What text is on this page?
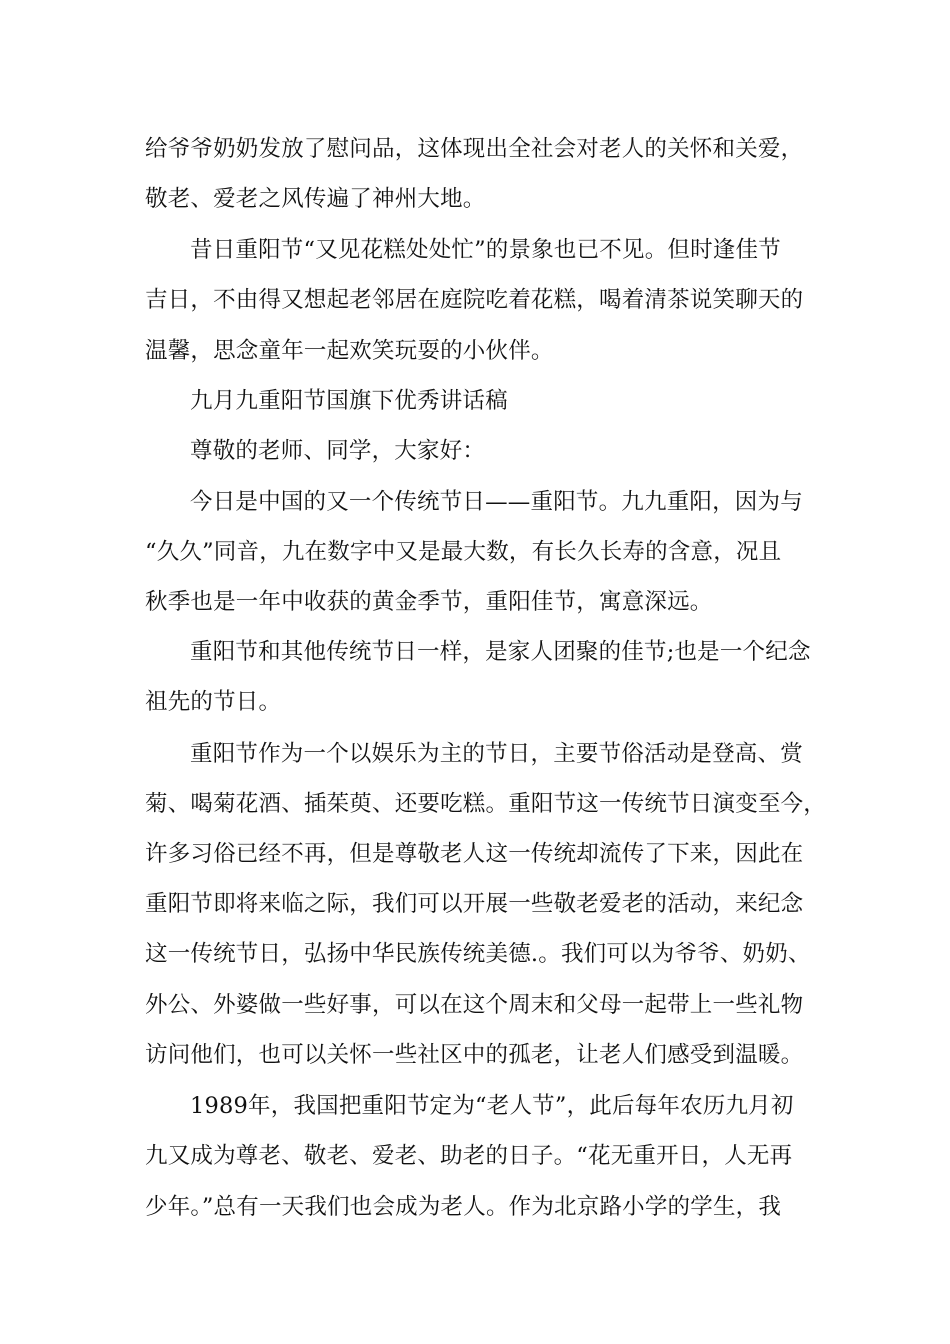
给爷爷奶奶发放了慰问品，这体现出全社会对老人的关怀和关爱，
敬老、爱老之风传遍了神州大地。
昔日重阳节“又见花糕处处忙”的景象也已不见。但时逢佳节
吉日，不由得又想起老邻居在庭院吃着花糕，喝着清茶说笑聊天的
温馨，思念童年一起欢笑玩耍的小伙伴。
九月九重阳节国旗下优秀讲话稿
尊敬的老师、同学，大家好：
今日是中国的又一个传统节日——重阳节。九九重阳，因为与
“久久”同音，九在数字中又是最大数，有长久长寿的含意，况且
秋季也是一年中收获的黄金季节，重阳佳节，寓意深远。
重阳节和其他传统节日一样，是家人团聚的佳节;也是一个纪念
祖先的节日。
重阳节作为一个以娱乐为主的节日，主要节俗活动是登高、赏
菊、喝菊花酒、插茱萸、还要吃糕。重阳节这一传统节日演变至今，
许多习俗已经不再，但是尊敬老人这一传统却流传了下来，因此在
重阳节即将来临之际，我们可以开展一些敬老爱老的活动，来纪念
这一传统节日，弘扬中华民族传统美德.。我们可以为爷爷、奶奶、
外公、外婆做一些好事，可以在这个周末和父母一起带上一些礼物
访问他们，也可以关怀一些社区中的孤老，让老人们感受到温暖。
1989年，我国把重阳节定为“老人节”，此后每年农历九月初
九又成为尊老、敬老、爱老、助老的日子。“花无重开日，人无再
少年。”总有一天我们也会成为老人。作为北京路小学的学生，我
